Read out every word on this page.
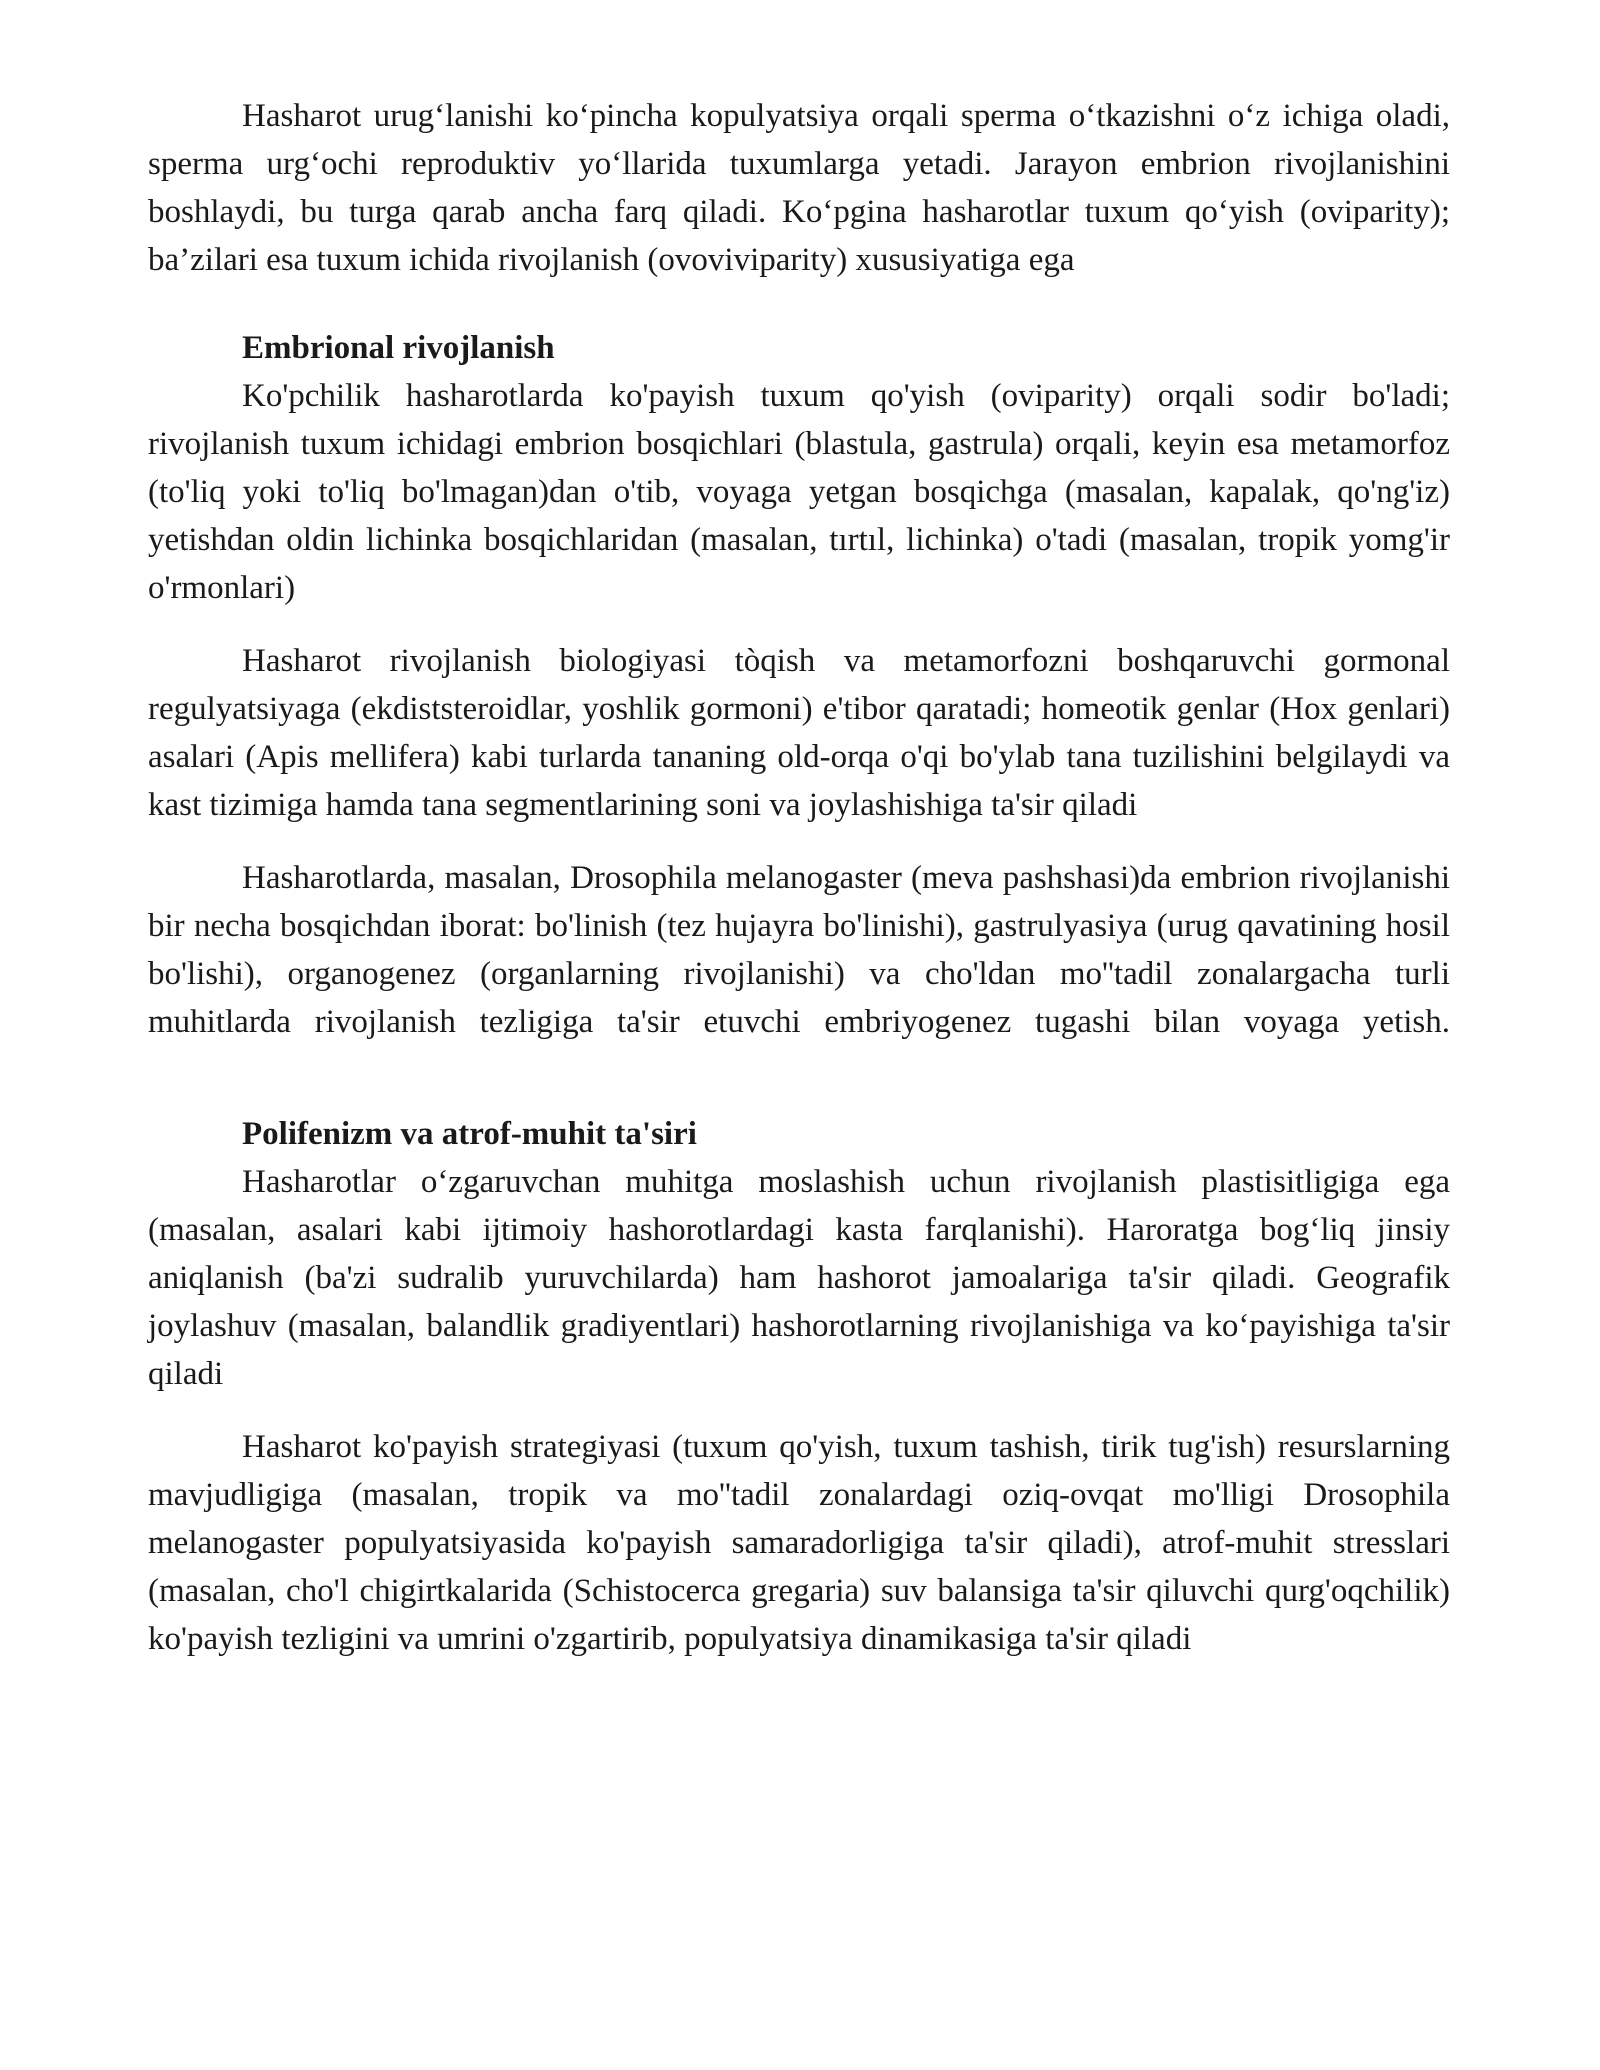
Hasharot urug‘lanishi ko‘pincha kopulyatsiya orqali sperma o‘tkazishni o‘z ichiga oladi, sperma urg‘ochi reproduktiv yo‘llarida tuxumlarga yetadi. Jarayon embrion rivojlanishini boshlaydi, bu turga qarab ancha farq qiladi. Ko‘pgina hasharotlar tuxum qo‘yish (oviparity); ba’zilari esa tuxum ichida rivojlanish (ovoviviparity) xususiyatiga ega

Embrional rivojlanish

Ko'pchilik hasharotlarda ko'payish tuxum qo'yish (oviparity) orqali sodir bo'ladi; rivojlanish tuxum ichidagi embrion bosqichlari (blastula, gastrula) orqali, keyin esa metamorfoz (to'liq yoki to'liq bo'lmagan)dan o'tib, voyaga yetgan bosqichga (masalan, kapalak, qo'ng'iz) yetishdan oldin lichinka bosqichlaridan (masalan, tırtıl, lichinka) o'tadi (masalan, tropik yomg'ir o'rmonlari)

Hasharot rivojlanish biologiyasi tòqish va metamorfozni boshqaruvchi gormonal regulyatsiyaga (ekdiststeroidlar, yoshlik gormoni) e'tibor qaratadi; homeotik genlar (Hox genlari) asalari (Apis mellifera) kabi turlarda tananing old-orqa o'qi bo'ylab tana tuzilishini belgilaydi va kast tizimiga hamda tana segmentlarining soni va joylashishiga ta'sir qiladi

Hasharotlarda, masalan, Drosophila melanogaster (meva pashshasi)da embrion rivojlanishi bir necha bosqichdan iborat: bo'linish (tez hujayra bo'linishi), gastrulyasiya (urug qavatining hosil bo'lishi), organogenez (organlarning rivojlanishi) va cho'ldan mo''tadil zonalargacha turli muhitlarda rivojlanish tezligiga ta'sir etuvchi embriyogenez tugashi bilan voyaga yetish.

Polifenizm va atrof-muhit ta'siri

Hasharotlar o‘zgaruvchan muhitga moslashish uchun rivojlanish plastisitligiga ega (masalan, asalari kabi ijtimoiy hashorotlardagi kasta farqlanishi). Haroratga bog‘liq jinsiy aniqlanish (ba'zi sudralib yuruvchilarda) ham hashorot jamoalariga ta'sir qiladi. Geografik joylashuv (masalan, balandlik gradiyentlari) hashorotlarning rivojlanishiga va ko‘payishiga ta'sir qiladi

Hasharot ko'payish strategiyasi (tuxum qo'yish, tuxum tashish, tirik tug'ish) resurslarning mavjudligiga (masalan, tropik va mo''tadil zonalardagi oziq-ovqat mo'lligi Drosophila melanogaster populyatsiyasida ko'payish samaradorligiga ta'sir qiladi), atrof-muhit stresslari (masalan, cho'l chigirtkalarida (Schistocerca gregaria) suv balansiga ta'sir qiluvchi qurg'oqchilik) ko'payish tezligini va umrini o'zgartirib, populyatsiya dinamikasiga ta'sir qiladi
